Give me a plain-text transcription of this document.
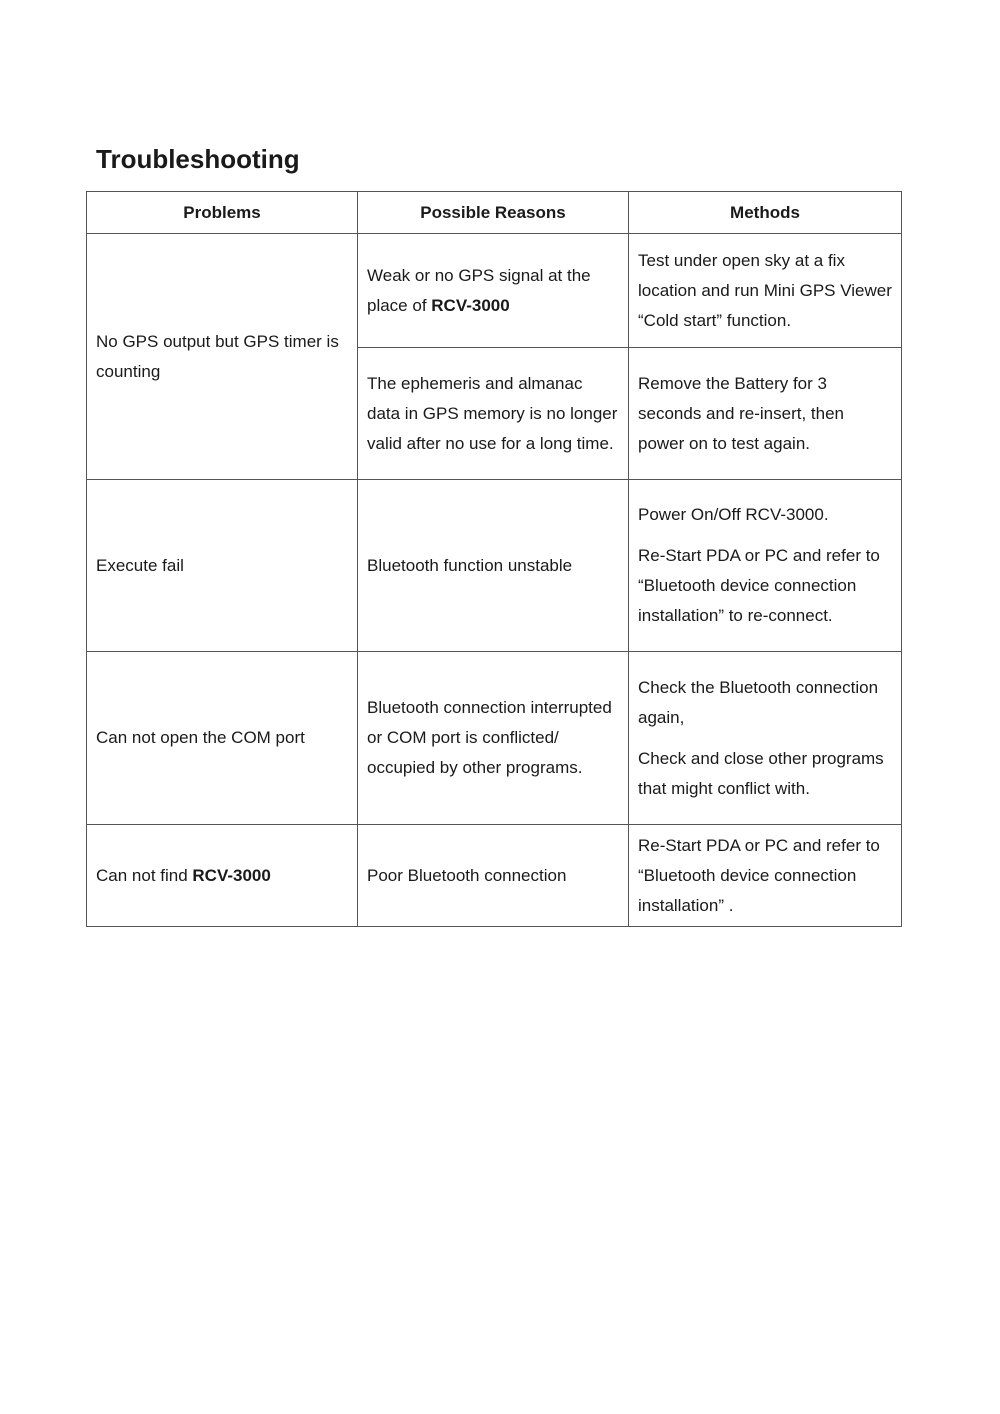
Troubleshooting
Problems	Possible Reasons	Methods

No GPS output but GPS timer is counting	Weak or no GPS signal at the place of RCV-3000	Test under open sky at a fix location and run Mini GPS Viewer “Cold start” function.

	The ephemeris and almanac data in GPS memory is no longer valid after no use for a long time.	Remove the Battery for 3 seconds and re-insert, then power on to test again.

Execute fail	Bluetooth function unstable	Power On/Off RCV-3000.

Re-Start PDA or PC and refer to “Bluetooth device connection installation” to re-connect.

Can not open the COM port	Bluetooth connection interrupted or COM port is conflicted/ occupied by other programs.	Check the Bluetooth connection again,

Check and close other programs that might conflict with.

Can not find RCV-3000	Poor Bluetooth connection	Re-Start PDA or PC and refer to “Bluetooth device connection installation” .
